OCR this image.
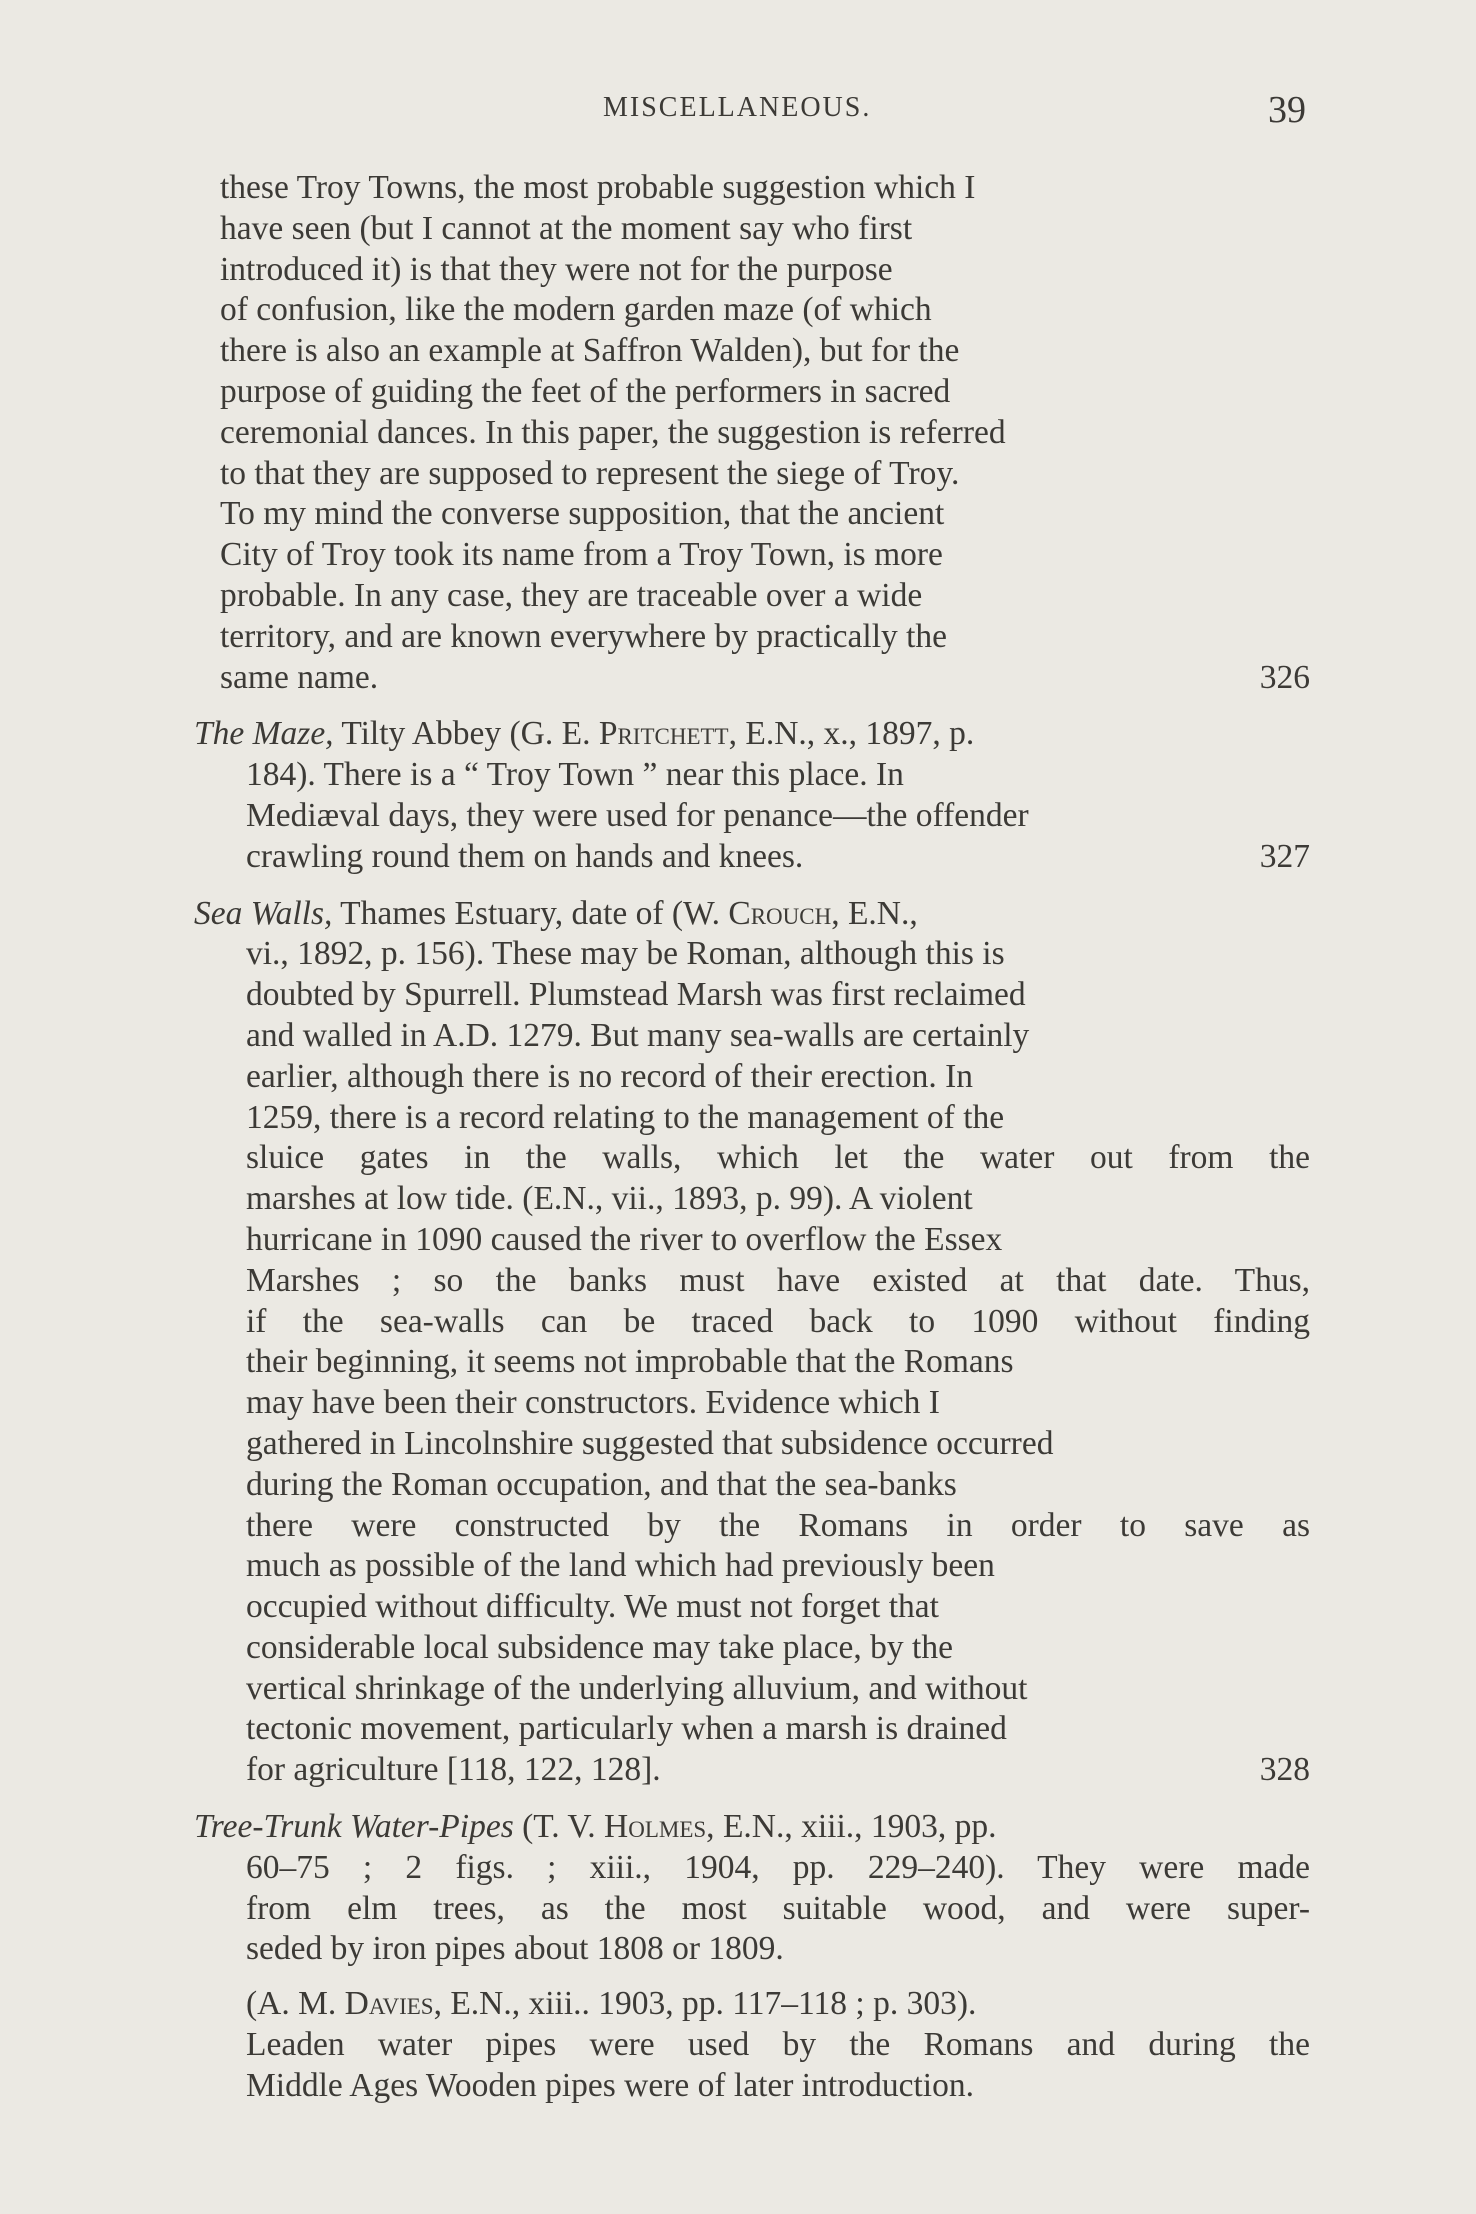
MISCELLANEOUS.	39
these Troy Towns, the most probable suggestion which I
have seen (but I cannot at the moment say who first
introduced it) is that they were not for the purpose
of confusion, like the modern garden maze (of which
there is also an example at Saffron Walden), but for the
purpose of guiding the feet of the performers in sacred
ceremonial dances. In this paper, the suggestion is referred
to that they are supposed to represent the siege of Troy.
To my mind the converse supposition, that the ancient
City of Troy took its name from a Troy Town, is more
probable. In any case, they are traceable over a wide
territory, and are known everywhere by practically the
same name.	326
The Maze, Tilty Abbey (G. E. Pritchett, E.N., x., 1897, p.
184). There is a “ Troy Town ” near this place. In
Mediæval days, they were used for penance—the offender
crawling round them on hands and knees.	327
Sea Walls, Thames Estuary, date of (W. Crouch, E.N.,
vi., 1892, p. 156). These may be Roman, although this is
doubted by Spurrell. Plumstead Marsh was first reclaimed
and walled in A.D. 1279. But many sea-walls are certainly
earlier, although there is no record of their erection. In
1259, there is a record relating to the management of the
sluice gates in the walls, which let the water out from the
marshes at low tide. (E.N., vii., 1893, p. 99). A violent
hurricane in 1090 caused the river to overflow the Essex
Marshes ; so the banks must have existed at that date. Thus,
if the sea-walls can be traced back to 1090 without finding
their beginning, it seems not improbable that the Romans
may have been their constructors. Evidence which I
gathered in Lincolnshire suggested that subsidence occurred
during the Roman occupation, and that the sea-banks
there were constructed by the Romans in order to save as
much as possible of the land which had previously been
occupied without difficulty. We must not forget that
considerable local subsidence may take place, by the
vertical shrinkage of the underlying alluvium, and without
tectonic movement, particularly when a marsh is drained
for agriculture [118, 122, 128].	328
Tree-Trunk Water-Pipes (T. V. Holmes, E.N., xiii., 1903, pp.
60–75 ; 2 figs. ; xiii., 1904, pp. 229–240). They were made
from elm trees, as the most suitable wood, and were super-
seded by iron pipes about 1808 or 1809.
(A. M. Davies, E.N., xiii.. 1903, pp. 117–118 ; p. 303).
Leaden water pipes were used by the Romans and during the
Middle Ages Wooden pipes were of later introduction.
